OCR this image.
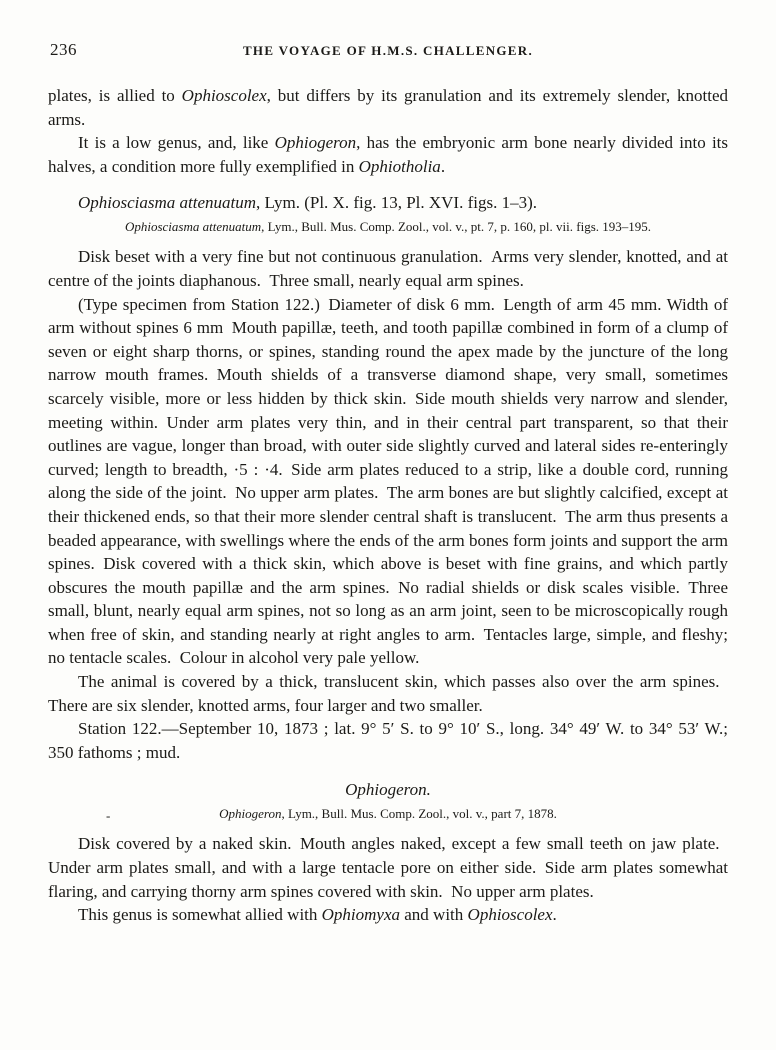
236	THE VOYAGE OF H.M.S. CHALLENGER.

plates, is allied to Ophioscolex, but differs by its granulation and its extremely slender, knotted arms.

It is a low genus, and, like Ophiogeron, has the embryonic arm bone nearly divided into its halves, a condition more fully exemplified in Ophiotholia.

Ophiosciasma attenuatum, Lym. (Pl. X. fig. 13, Pl. XVI. figs. 1–3).

Ophiosciasma attenuatum, Lym., Bull. Mus. Comp. Zool., vol. v., pt. 7, p. 160, pl. vii. figs. 193–195.

Disk beset with a very fine but not continuous granulation. Arms very slender, knotted, and at centre of the joints diaphanous. Three small, nearly equal arm spines.

(Type specimen from Station 122.) Diameter of disk 6 mm. Length of arm 45 mm. Width of arm without spines 6 mm Mouth papillæ, teeth, and tooth papillæ combined in form of a clump of seven or eight sharp thorns, or spines, standing round the apex made by the juncture of the long narrow mouth frames. Mouth shields of a transverse diamond shape, very small, sometimes scarcely visible, more or less hidden by thick skin. Side mouth shields very narrow and slender, meeting within. Under arm plates very thin, and in their central part transparent, so that their outlines are vague, longer than broad, with outer side slightly curved and lateral sides re-enteringly curved; length to breadth, ·5 : ·4. Side arm plates reduced to a strip, like a double cord, running along the side of the joint. No upper arm plates. The arm bones are but slightly calcified, except at their thickened ends, so that their more slender central shaft is translucent. The arm thus presents a beaded appearance, with swellings where the ends of the arm bones form joints and support the arm spines. Disk covered with a thick skin, which above is beset with fine grains, and which partly obscures the mouth papillæ and the arm spines. No radial shields or disk scales visible. Three small, blunt, nearly equal arm spines, not so long as an arm joint, seen to be microscopically rough when free of skin, and standing nearly at right angles to arm. Tentacles large, simple, and fleshy; no tentacle scales. Colour in alcohol very pale yellow.

The animal is covered by a thick, translucent skin, which passes also over the arm spines. There are six slender, knotted arms, four larger and two smaller.

Station 122.—September 10, 1873 ; lat. 9° 5′ S. to 9° 10′ S., long. 34° 49′ W. to 34° 53′ W.; 350 fathoms ; mud.

Ophiogeron.

-	Ophiogeron, Lym., Bull. Mus. Comp. Zool., vol. v., part 7, 1878.

Disk covered by a naked skin. Mouth angles naked, except a few small teeth on jaw plate. Under arm plates small, and with a large tentacle pore on either side. Side arm plates somewhat flaring, and carrying thorny arm spines covered with skin. No upper arm plates.

This genus is somewhat allied with Ophiomyxa and with Ophioscolex.
